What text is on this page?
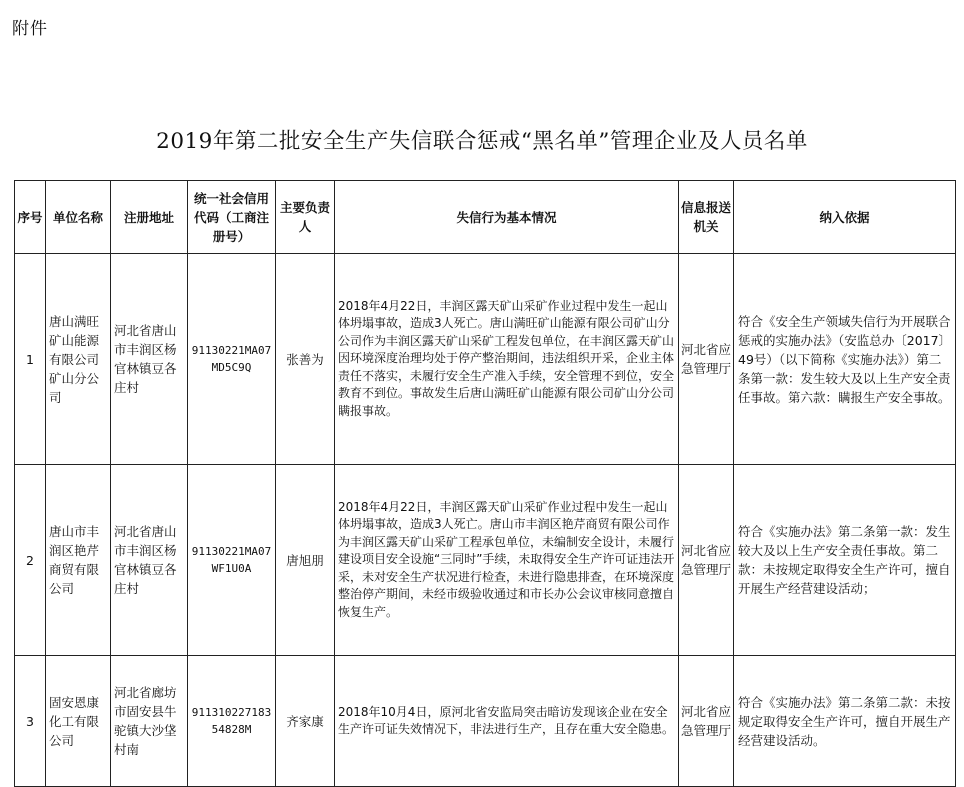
附件
2019年第二批安全生产失信联合惩戒“黑名单”管理企业及人员名单
序号	单位名称	注册地址	统一社会信用代码（工商注册号）	主要负责人	失信行为基本情况	信息报送机关	纳入依据
1	唐山满旺矿山能源有限公司矿山分公司	河北省唐山市丰润区杨官林镇豆各庄村	91130221MA07MD5C9Q	张善为	2018年4月22日，丰润区露天矿山采矿作业过程中发生一起山体坍塌事故，造成3人死亡。唐山满旺矿山能源有限公司矿山分公司作为丰润区露天矿山采矿工程发包单位，在丰润区露天矿山因环境深度治理均处于停产整治期间，违法组织开采，企业主体责任不落实，未履行安全生产准入手续，安全管理不到位，安全教育不到位。事故发生后唐山满旺矿山能源有限公司矿山分公司瞒报事故。	河北省应急管理厅	符合《安全生产领域失信行为开展联合惩戒的实施办法》（安监总办〔2017〕49号）（以下简称《实施办法》）第二条第一款：发生较大及以上生产安全责任事故。第六款：瞒报生产安全事故。
2	唐山市丰润区艳芹商贸有限公司	河北省唐山市丰润区杨官林镇豆各庄村	91130221MA07WF1U0A	唐旭朋	2018年4月22日，丰润区露天矿山采矿作业过程中发生一起山体坍塌事故，造成3人死亡。唐山市丰润区艳芹商贸有限公司作为丰润区露天矿山采矿工程承包单位，未编制安全设计，未履行建设项目安全设施“三同时”手续，未取得安全生产许可证违法开采，未对安全生产状况进行检查，未进行隐患排查，在环境深度整治停产期间，未经市级验收通过和市长办公会议审核同意擅自恢复生产。	河北省应急管理厅	符合《实施办法》第二条第一款：发生较大及以上生产安全责任事故。第二款：未按规定取得安全生产许可，擅自开展生产经营建设活动；
3	固安恩康化工有限公司	河北省廊坊市固安县牛驼镇大沙垡村南	91131022718354828M	齐家康	2018年10月4日，原河北省安监局突击暗访发现该企业在安全生产许可证失效情况下，非法进行生产，且存在重大安全隐患。	河北省应急管理厅	符合《实施办法》第二条第二款：未按规定取得安全生产许可，擅自开展生产经营建设活动。
